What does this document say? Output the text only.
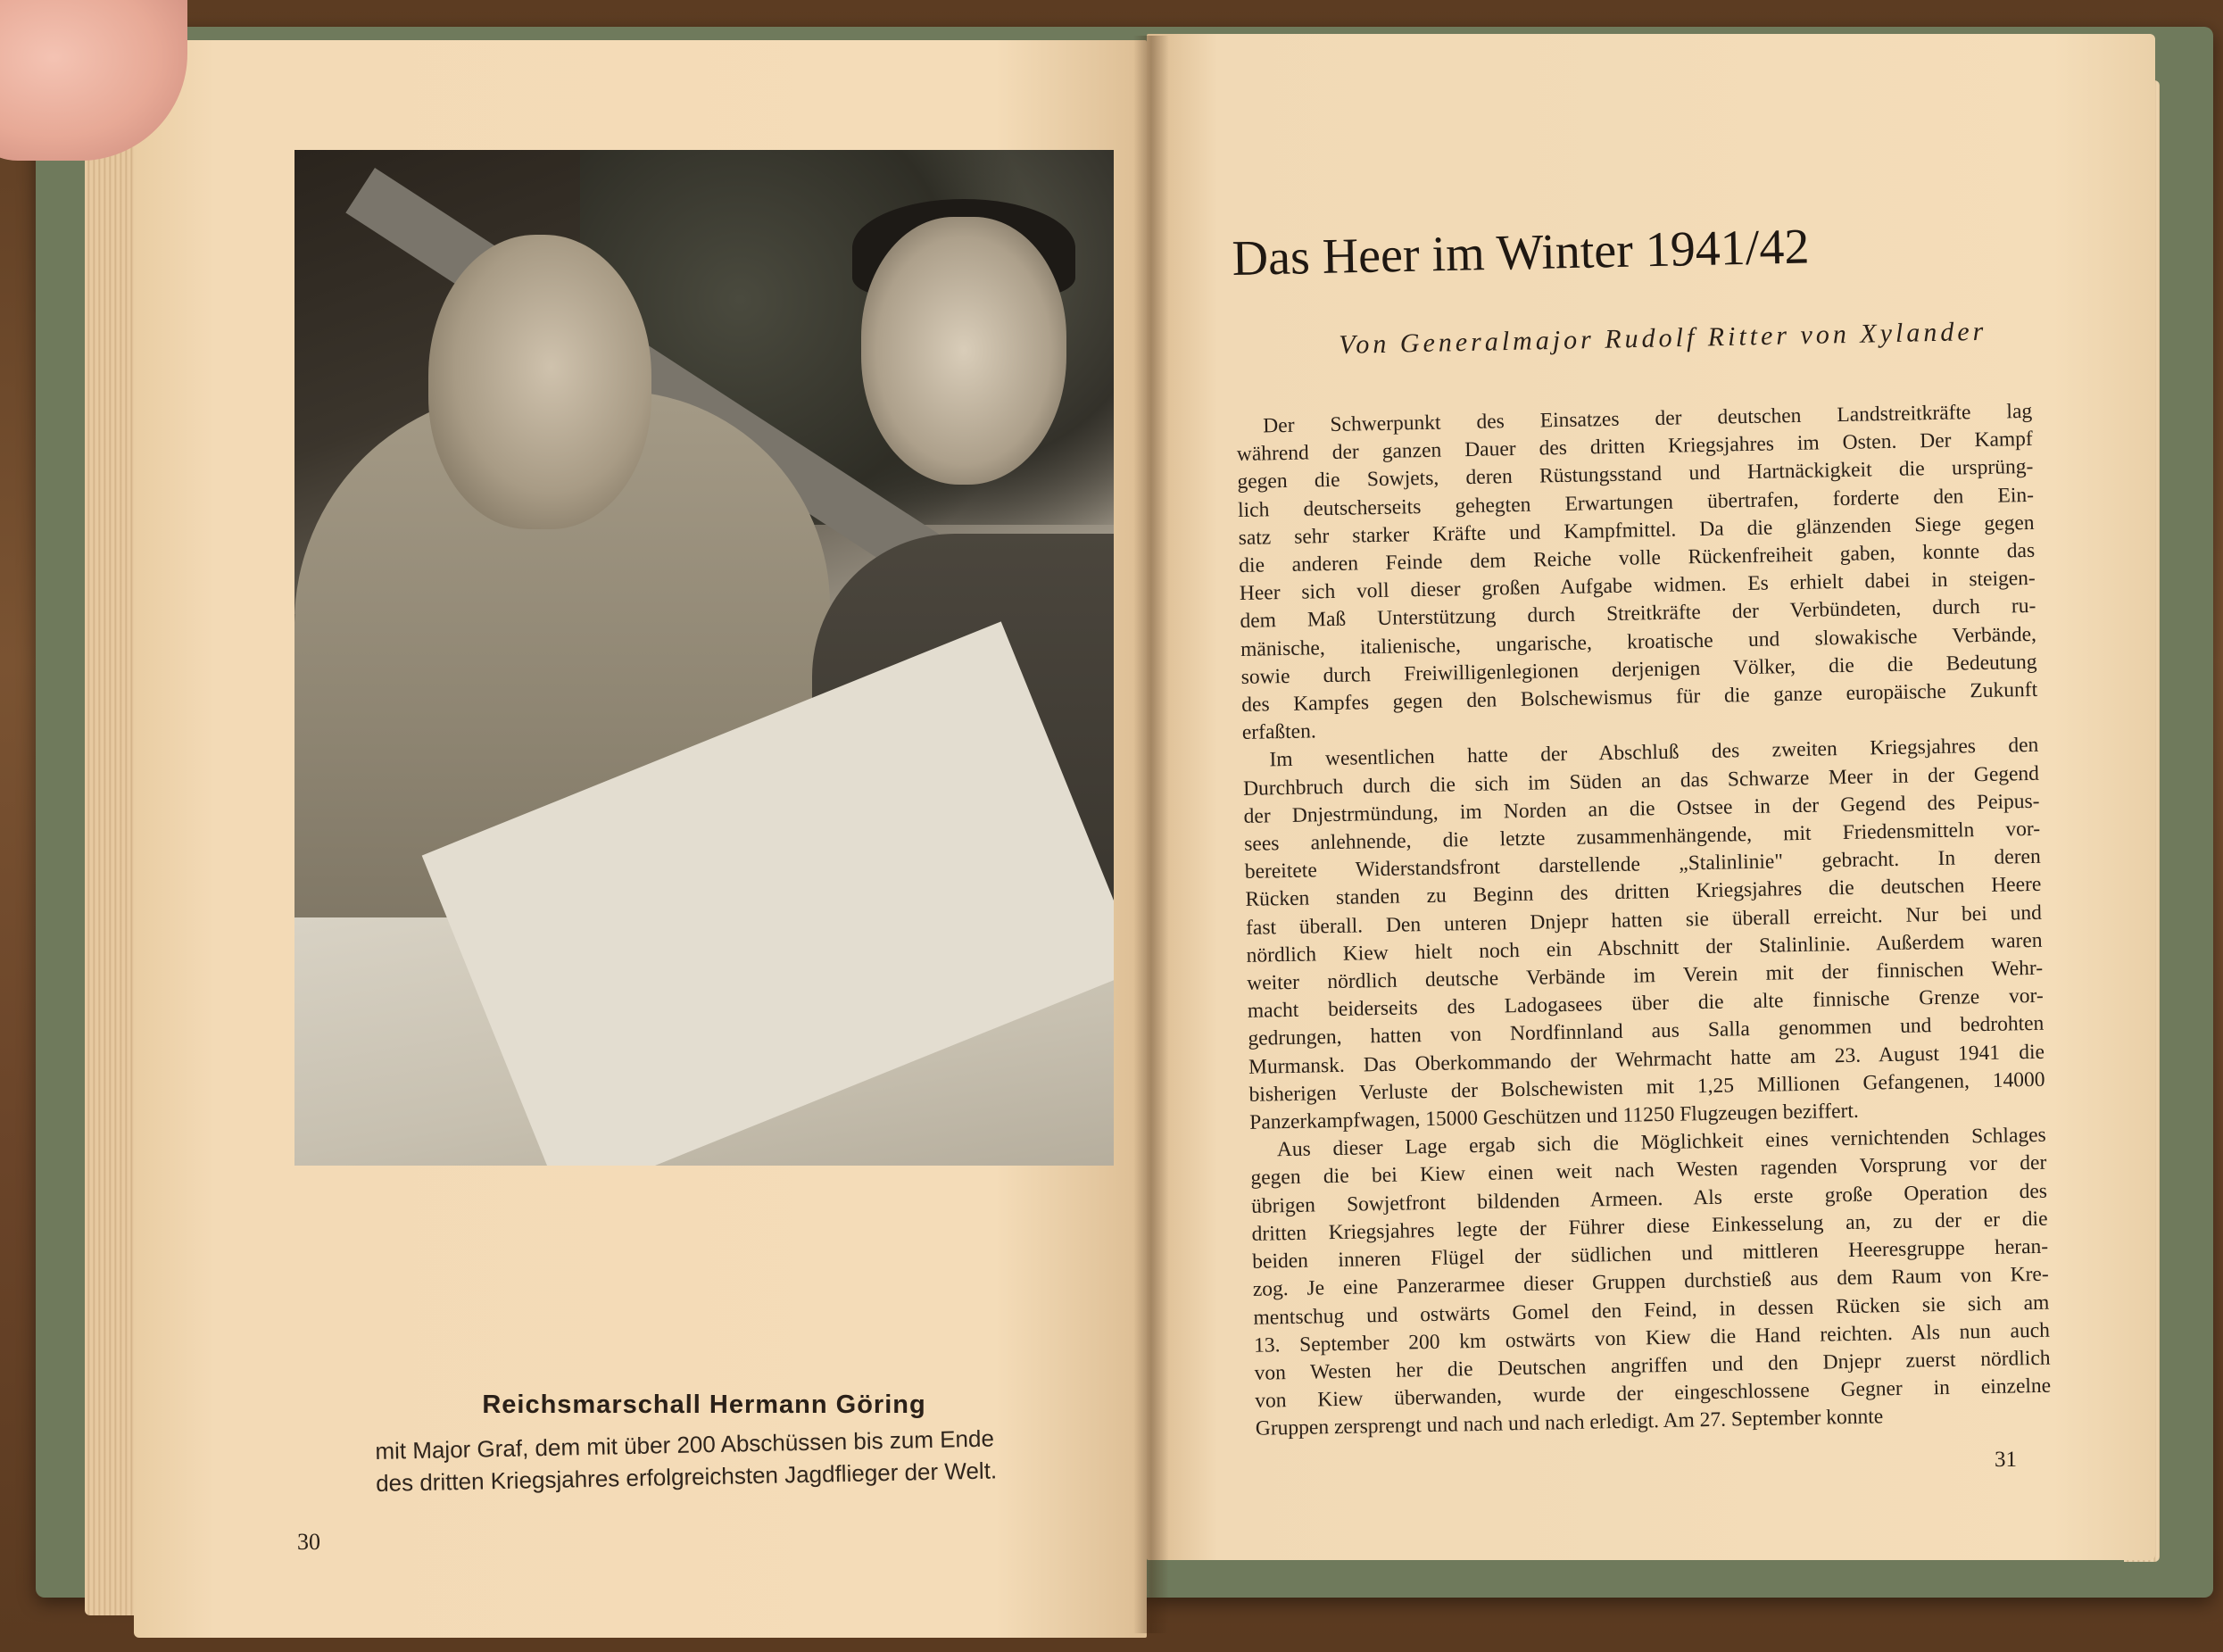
Reichsmarschall Hermann Göring
mit Major Graf, dem mit über 200 Abschüssen bis zum Ende
des dritten Kriegsjahres erfolgreichsten Jagdflieger der Welt.
30
Das Heer im Winter 1941/42
Von Generalmajor Rudolf Ritter von Xylander
Der Schwerpunkt des Einsatzes der deutschen Landstreitkräfte lag
während der ganzen Dauer des dritten Kriegsjahres im Osten. Der Kampf
gegen die Sowjets, deren Rüstungsstand und Hartnäckigkeit die ursprüng-
lich deutscherseits gehegten Erwartungen übertrafen, forderte den Ein-
satz sehr starker Kräfte und Kampfmittel. Da die glänzenden Siege gegen
die anderen Feinde dem Reiche volle Rückenfreiheit gaben, konnte das
Heer sich voll dieser großen Aufgabe widmen. Es erhielt dabei in steigen-
dem Maß Unterstützung durch Streitkräfte der Verbündeten, durch ru-
mänische, italienische, ungarische, kroatische und slowakische Verbände,
sowie durch Freiwilligenlegionen derjenigen Völker, die die Bedeutung
des Kampfes gegen den Bolschewismus für die ganze europäische Zukunft
erfaßten.
Im wesentlichen hatte der Abschluß des zweiten Kriegsjahres den
Durchbruch durch die sich im Süden an das Schwarze Meer in der Gegend
der Dnjestrmündung, im Norden an die Ostsee in der Gegend des Peipus-
sees anlehnende, die letzte zusammenhängende, mit Friedensmitteln vor-
bereitete Widerstandsfront darstellende „Stalinlinie" gebracht. In deren
Rücken standen zu Beginn des dritten Kriegsjahres die deutschen Heere
fast überall. Den unteren Dnjepr hatten sie überall erreicht. Nur bei und
nördlich Kiew hielt noch ein Abschnitt der Stalinlinie. Außerdem waren
weiter nördlich deutsche Verbände im Verein mit der finnischen Wehr-
macht beiderseits des Ladogasees über die alte finnische Grenze vor-
gedrungen, hatten von Nordfinnland aus Salla genommen und bedrohten
Murmansk. Das Oberkommando der Wehrmacht hatte am 23. August 1941 die
bisherigen Verluste der Bolschewisten mit 1,25 Millionen Gefangenen, 14000
Panzerkampfwagen, 15000 Geschützen und 11250 Flugzeugen beziffert.
Aus dieser Lage ergab sich die Möglichkeit eines vernichtenden Schlages
gegen die bei Kiew einen weit nach Westen ragenden Vorsprung vor der
übrigen Sowjetfront bildenden Armeen. Als erste große Operation des
dritten Kriegsjahres legte der Führer diese Einkesselung an, zu der er die
beiden inneren Flügel der südlichen und mittleren Heeresgruppe heran-
zog. Je eine Panzerarmee dieser Gruppen durchstieß aus dem Raum von Kre-
mentschug und ostwärts Gomel den Feind, in dessen Rücken sie sich am
13. September 200 km ostwärts von Kiew die Hand reichten. Als nun auch
von Westen her die Deutschen angriffen und den Dnjepr zuerst nördlich
von Kiew überwanden, wurde der eingeschlossene Gegner in einzelne
Gruppen zersprengt und nach und nach erledigt. Am 27. September konnte
31
